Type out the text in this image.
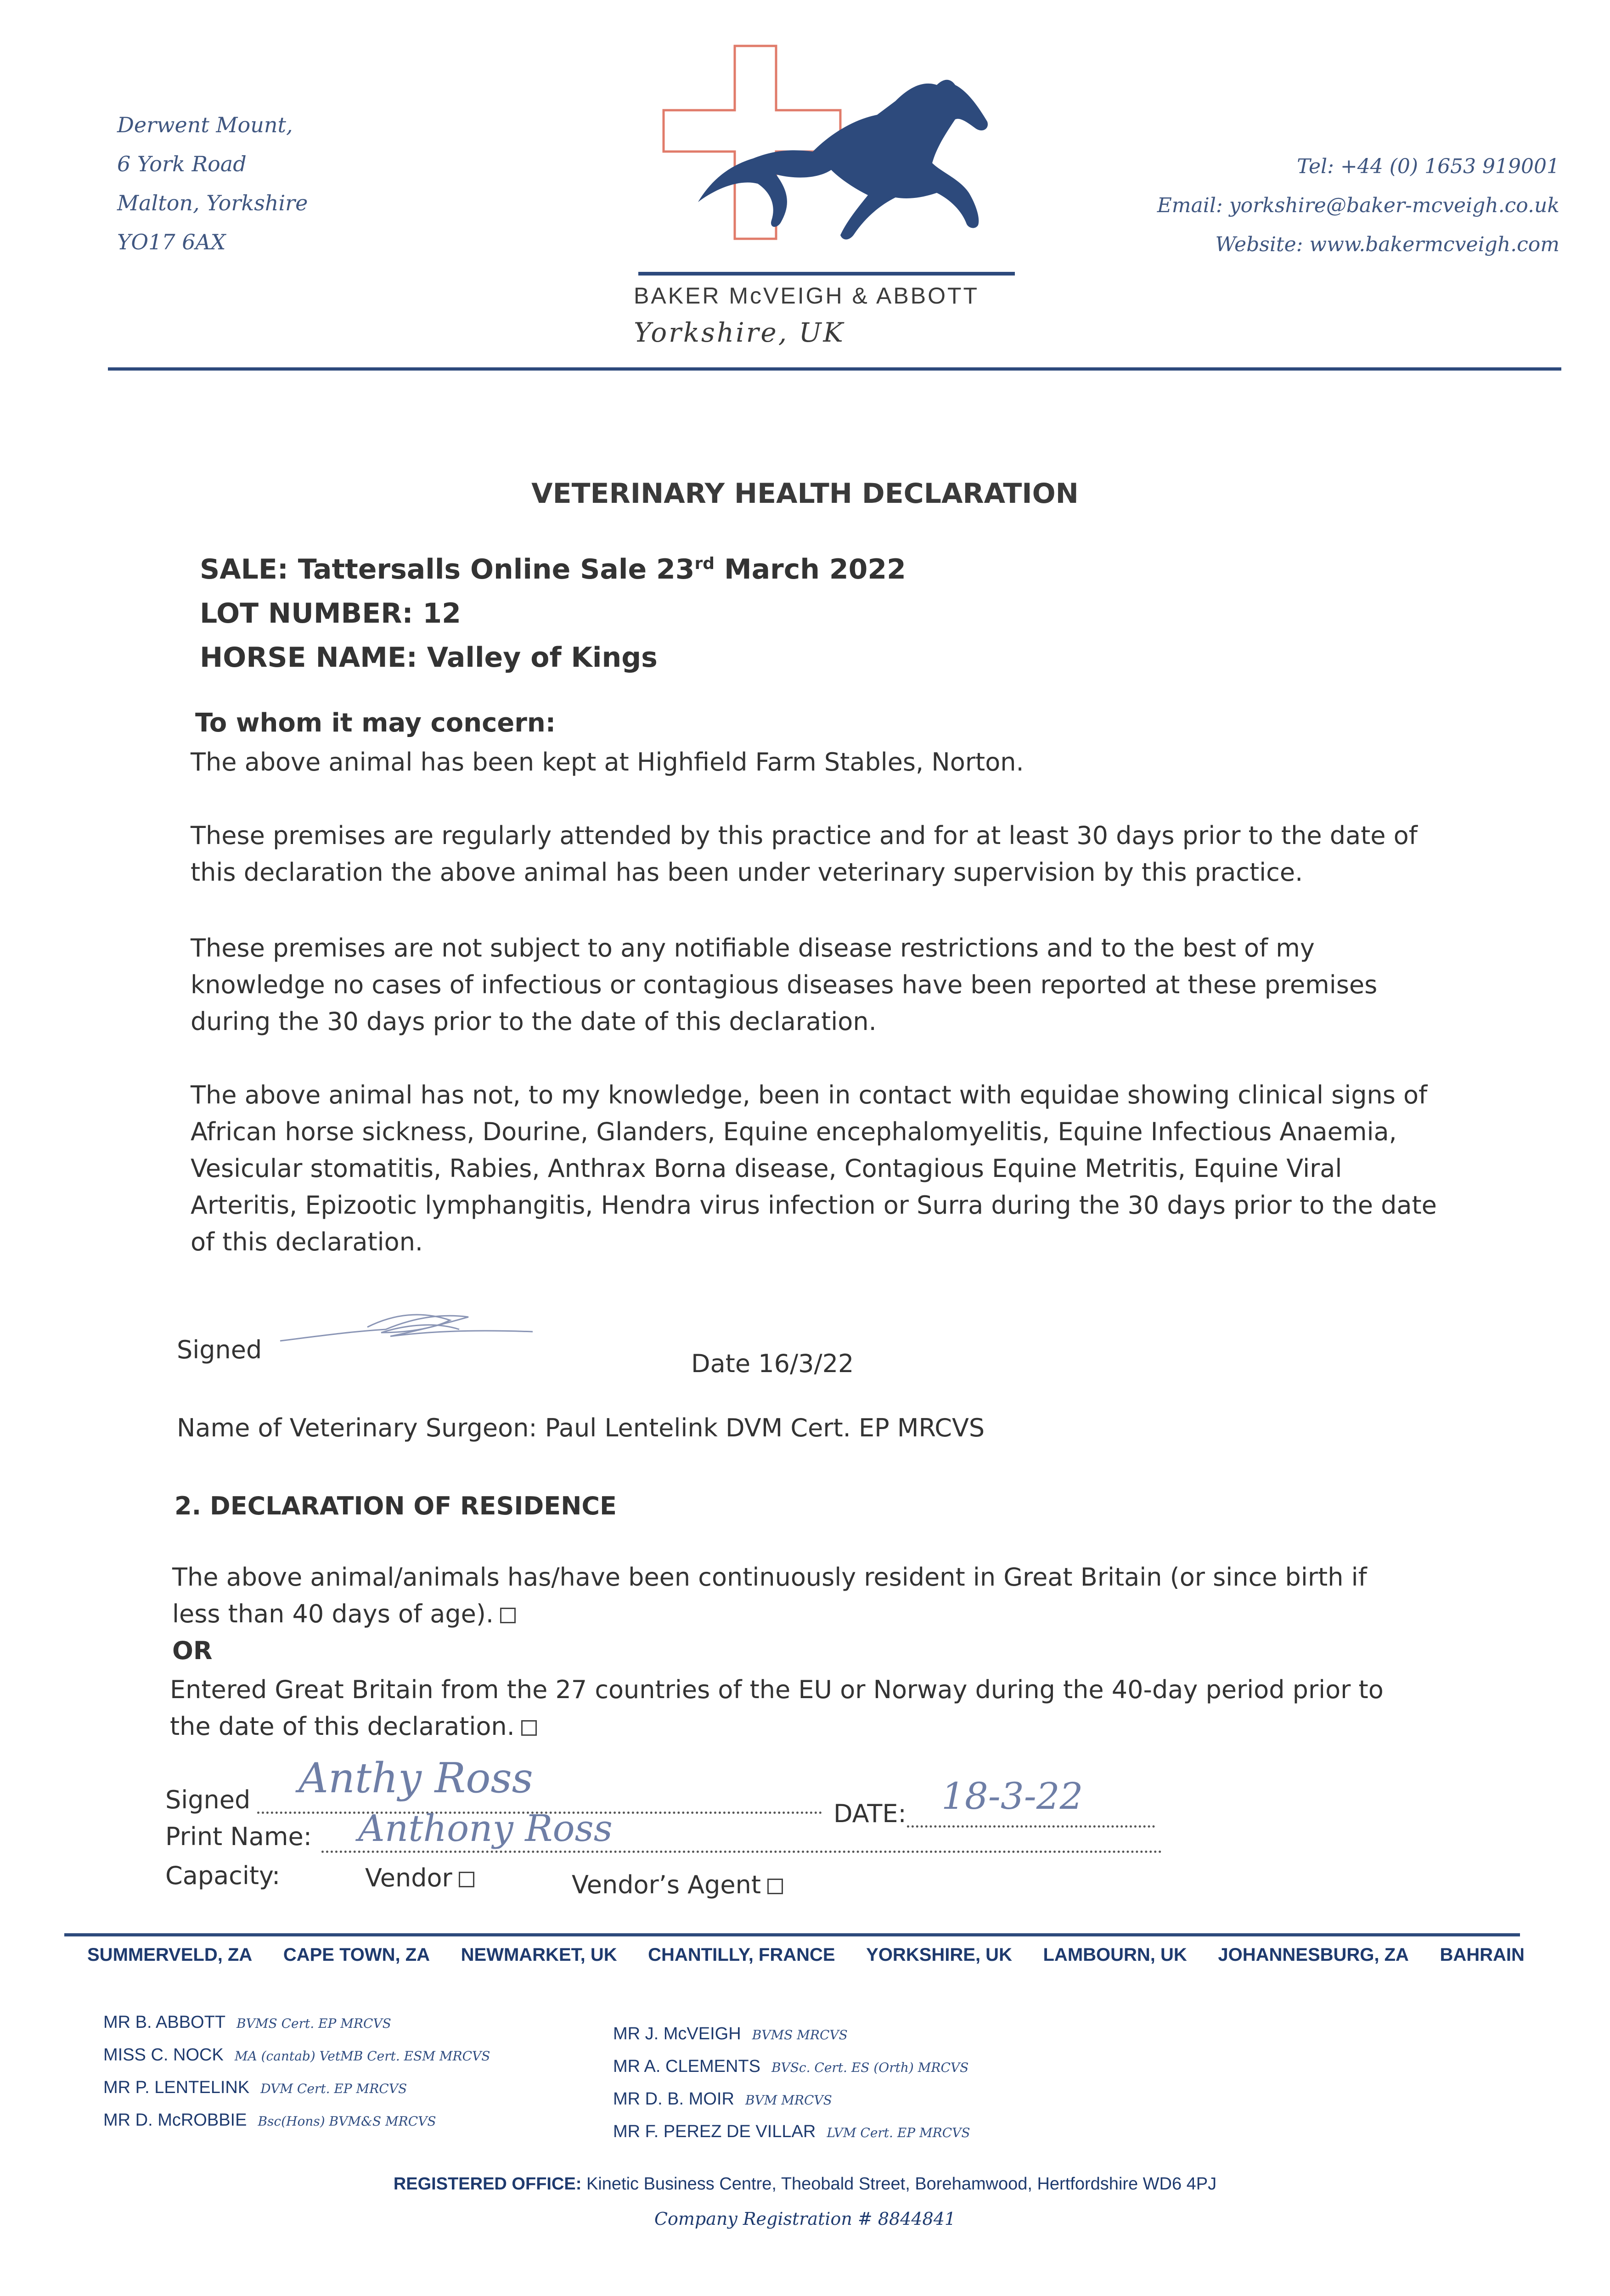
Derwent Mount,
6 York Road
Malton, Yorkshire
YO17 6AX
BAKER McVEIGH & ABBOTT
Yorkshire, UK
Tel: +44 (0) 1653 919001
Email: yorkshire@baker-mcveigh.co.uk
Website: www.bakermcveigh.com
VETERINARY HEALTH DECLARATION
SALE: Tattersalls Online Sale 23rd March 2022
LOT NUMBER: 12
HORSE NAME: Valley of Kings
To whom it may concern:
The above animal has been kept at Highfield Farm Stables, Norton.
These premises are regularly attended by this practice and for at least 30 days prior to the date of this declaration the above animal has been under veterinary supervision by this practice.
These premises are not subject to any notifiable disease restrictions and to the best of my knowledge no cases of infectious or contagious diseases have been reported at these premises during the 30 days prior to the date of this declaration.
The above animal has not, to my knowledge, been in contact with equidae showing clinical signs of African horse sickness, Dourine, Glanders, Equine encephalomyelitis, Equine Infectious Anaemia, Vesicular stomatitis, Rabies, Anthrax Borna disease, Contagious Equine Metritis, Equine Viral Arteritis, Epizootic lymphangitis, Hendra virus infection or Surra during the 30 days prior to the date of this declaration.
Signed	Date 16/3/22
Name of Veterinary Surgeon: Paul Lentelink DVM Cert. EP MRCVS
2. DECLARATION OF RESIDENCE
The above animal/animals has/have been continuously resident in Great Britain (or since birth if less than 40 days of age).
OR
Entered Great Britain from the 27 countries of the EU or Norway during the 40-day period prior to the date of this declaration.
Signed Anthy Ross
DATE: 18-3-22
Print Name: Anthony Ross
Capacity:	Vendor	Vendor’s Agent
SUMMERVELD, ZA CAPE TOWN, ZA NEWMARKET, UK CHANTILLY, FRANCE YORKSHIRE, UK LAMBOURN, UK JOHANNESBURG, ZA BAHRAIN
MR B. ABBOTT BVMS Cert. EP MRCVS
MISS C. NOCK MA (cantab) VetMB Cert. ESM MRCVS
MR P. LENTELINK DVM Cert. EP MRCVS
MR D. McROBBIE Bsc(Hons) BVM&S MRCVS
MR J. McVEIGH BVMS MRCVS
MR A. CLEMENTS BVSc. Cert. ES (Orth) MRCVS
MR D. B. MOIR BVM MRCVS
MR F. PEREZ DE VILLAR LVM Cert. EP MRCVS
REGISTERED OFFICE: Kinetic Business Centre, Theobald Street, Borehamwood, Hertfordshire WD6 4PJ
Company Registration # 8844841
